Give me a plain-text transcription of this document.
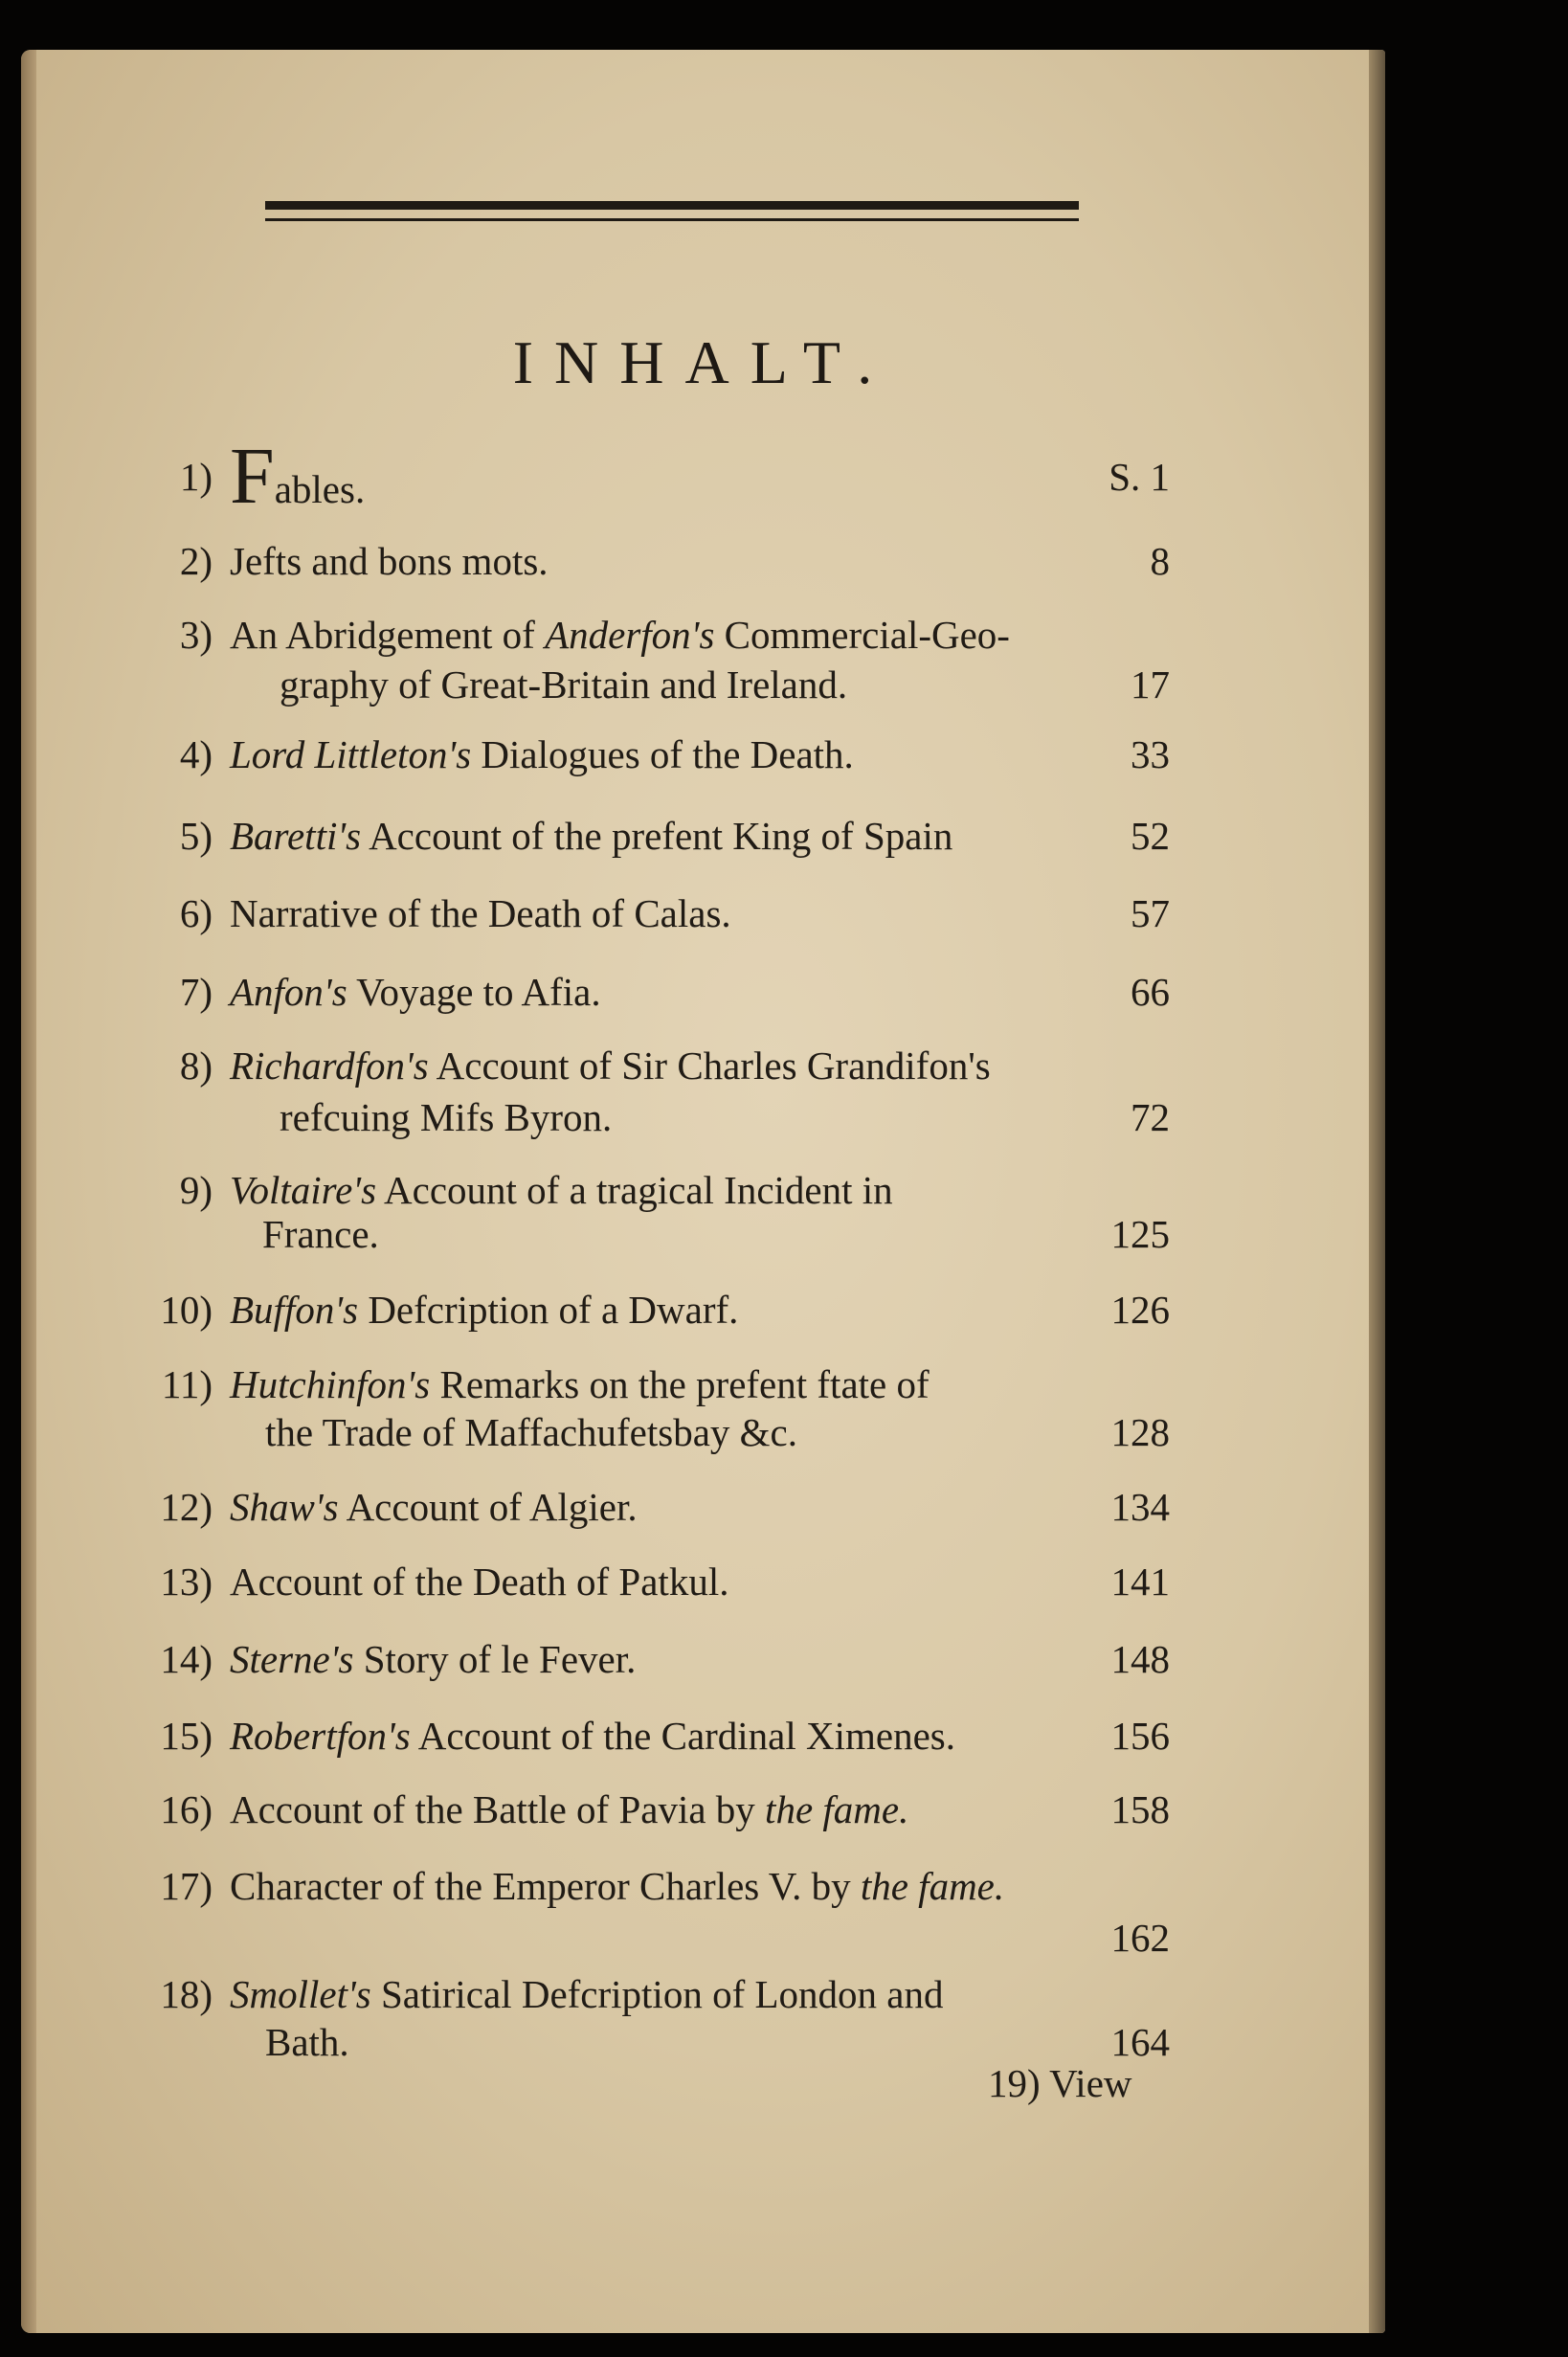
INHALT.
1) Fables.	S. 1
2) Jefts and bons mots.	8
3) An Abridgement of Anderfon's Commercial-Geo-
graphy of Great-Britain and Ireland.	17
4) Lord Littleton's Dialogues of the Death.	33
5) Baretti's Account of the prefent King of Spain	52
6) Narrative of the Death of Calas.	57
7) Anfon's Voyage to Afia.	66
8) Richardfon's Account of Sir Charles Grandifon's
refcuing Mifs Byron.	72
9) Voltaire's Account of a tragical Incident in
France.	125
10) Buffon's Defcription of a Dwarf.	126
11) Hutchinfon's Remarks on the prefent ftate of
the Trade of Maffachufetsbay &c.	128
12) Shaw's Account of Algier.	134
13) Account of the Death of Patkul.	141
14) Sterne's Story of le Fever.	148
15) Robertfon's Account of the Cardinal Ximenes.	156
16) Account of the Battle of Pavia by the fame.	158
17) Character of the Emperor Charles V. by the fame.
162
18) Smollet's Satirical Defcription of London and
Bath.	164
19) View
